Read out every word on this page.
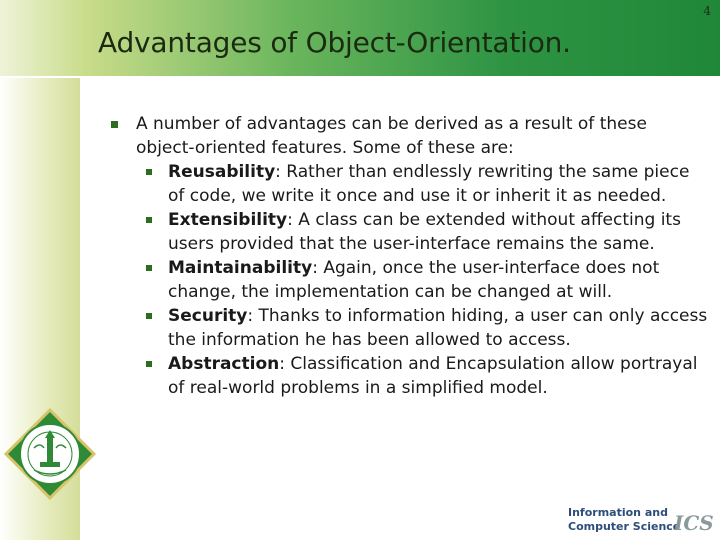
4
Advantages of Object-Orientation.

A number of advantages can be derived as a result of these object-oriented features. Some of these are:

Reusability: Rather than endlessly rewriting the same piece of code, we write it once and use it or inherit it as needed.
Extensibility: A class can be extended without affecting its users provided that the user-interface remains the same.
Maintainability: Again, once the user-interface does not change, the implementation can be changed at will.
Security: Thanks to information hiding, a user can only access the information he has been allowed to access.
Abstraction: Classification and Encapsulation allow portrayal of real-world problems in a simplified model.
Information and
Computer Science
ICS
